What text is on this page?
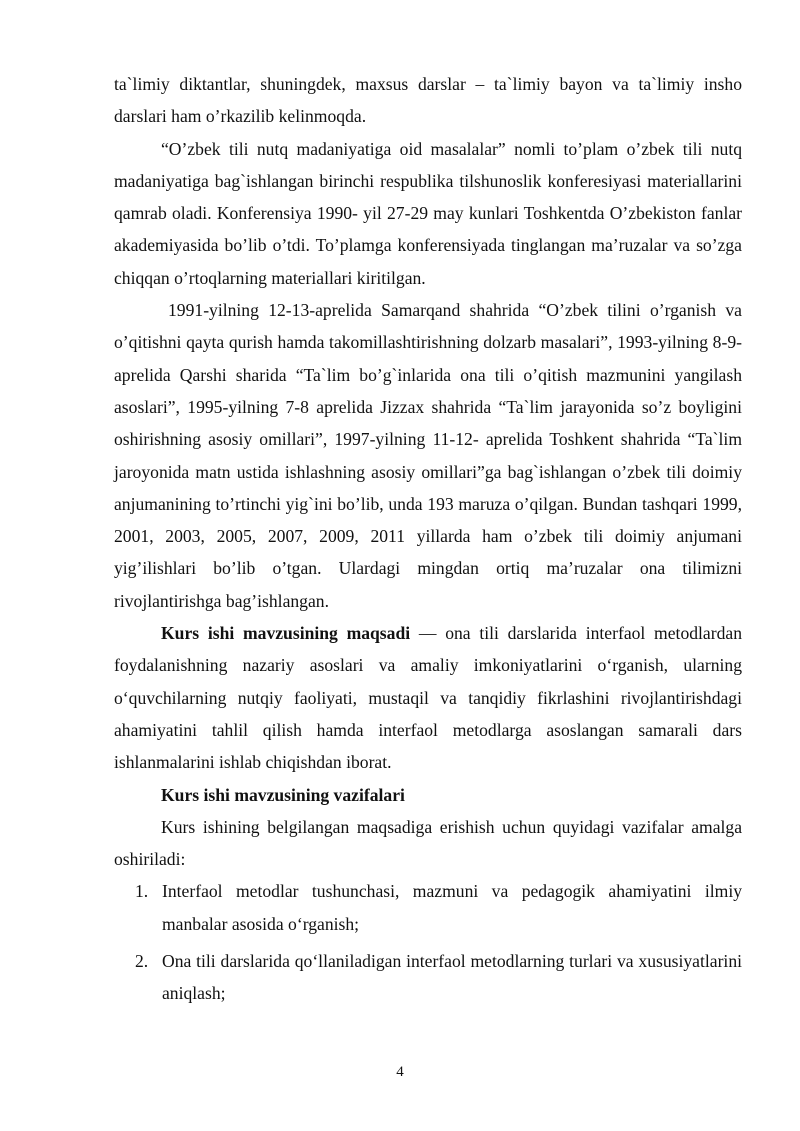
ta`limiy diktantlar, shuningdek, maxsus darslar – ta`limiy bayon va ta`limiy insho darslari ham o’rkazilib kelinmoqda.

“O’zbek tili nutq madaniyatiga oid masalalar” nomli to’plam o’zbek tili nutq madaniyatiga bag`ishlangan birinchi respublika tilshunoslik konferesiyasi materiallarini qamrab oladi. Konferensiya 1990- yil 27-29 may kunlari Toshkentda O’zbekiston fanlar akademiyasida bo’lib o’tdi. To’plamga konferensiyada tinglangan ma’ruzalar va so’zga chiqqan o’rtoqlarning materiallari kiritilgan.

1991-yilning 12-13-aprelida Samarqand shahrida “O’zbek tilini o’rganish va o’qitishni qayta qurish hamda takomillashtirishning dolzarb masalari”, 1993-yilning 8-9-aprelida Qarshi sharida “Ta`lim bo’g`inlarida ona tili o’qitish mazmunini yangilash asoslari”, 1995-yilning 7-8 aprelida Jizzax shahrida “Ta`lim jarayonida so’z boyligini oshirishning asosiy omillari”, 1997-yilning 11-12- aprelida Toshkent shahrida “Ta`lim jaroyonida matn ustida ishlashning asosiy omillari”ga bag`ishlangan o’zbek tili doimiy anjumanining to’rtinchi yig`ini bo’lib, unda 193 maruza o’qilgan. Bundan tashqari 1999, 2001, 2003, 2005, 2007, 2009, 2011 yillarda ham o’zbek tili doimiy anjumani yig’ilishlari bo’lib o’tgan. Ulardagi mingdan ortiq ma’ruzalar ona tilimizni rivojlantirishga bag’ishlangan.

Kurs ishi mavzusining maqsadi — ona tili darslarida interfaol metodlardan foydalanishning nazariy asoslari va amaliy imkoniyatlarini o‘rganish, ularning o‘quvchilarning nutqiy faoliyati, mustaqil va tanqidiy fikrlashini rivojlantirishdagi ahamiyatini tahlil qilish hamda interfaol metodlarga asoslangan samarali dars ishlanmalarini ishlab chiqishdan iborat.

Kurs ishi mavzusining vazifalari

Kurs ishining belgilangan maqsadiga erishish uchun quyidagi vazifalar amalga oshiriladi:

1. Interfaol metodlar tushunchasi, mazmuni va pedagogik ahamiyatini ilmiy manbalar asosida o‘rganish;
2. Ona tili darslarida qo‘llaniladigan interfaol metodlarning turlari va xususiyatlarini aniqlash;
4
